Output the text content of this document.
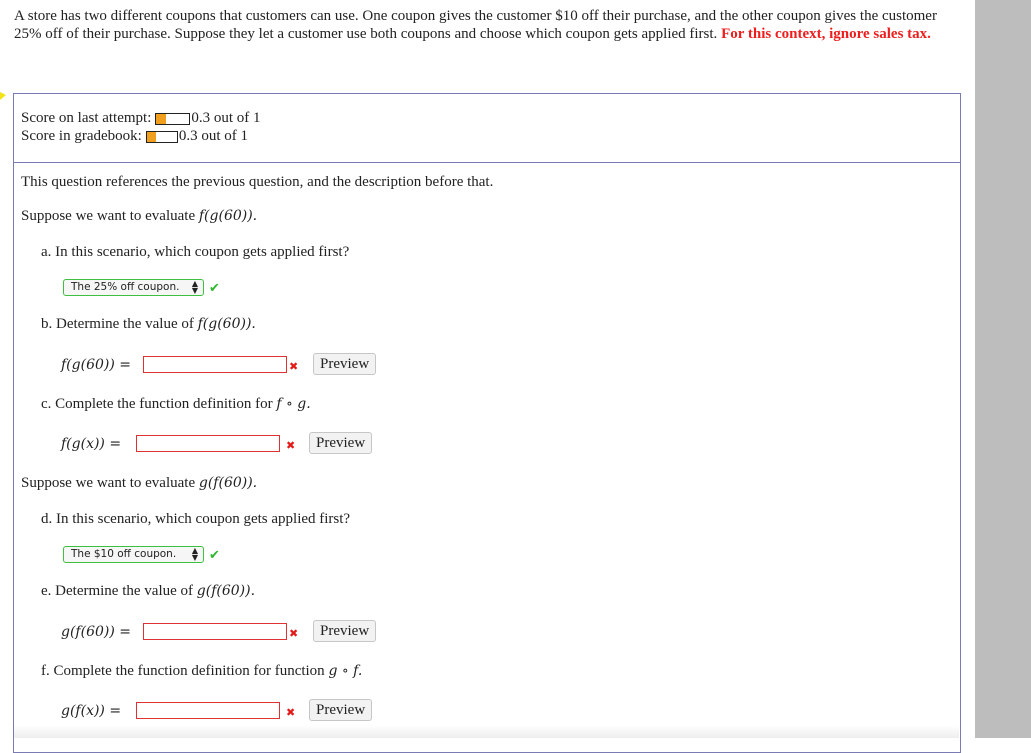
A store has two different coupons that customers can use. One coupon gives the customer $10 off their purchase, and the other coupon gives the customer 25% off of their purchase. Suppose they let a customer use both coupons and choose which coupon gets applied first. For this context, ignore sales tax.
Score on last attempt:	0.3 out of 1
Score in gradebook: 0.3 out of 1
This question references the previous question, and the description before that.
Suppose we want to evaluate f(g(60)).
a. In this scenario, which coupon gets applied first?
The 25% off coupon. ▲
▼ ✔
b. Determine the value of f(g(60)).
f(g(60)) =	✖	Preview
c. Complete the function definition for f ∘ g.
f(g(x)) =	✖	Preview
Suppose we want to evaluate g(f(60)).
d. In this scenario, which coupon gets applied first?
The $10 off coupon. ▲
▼ ✔
e. Determine the value of g(f(60)).
g(f(60)) =	✖	Preview
f. Complete the function definition for function g ∘ f.
g(f(x)) =	✖	Preview
